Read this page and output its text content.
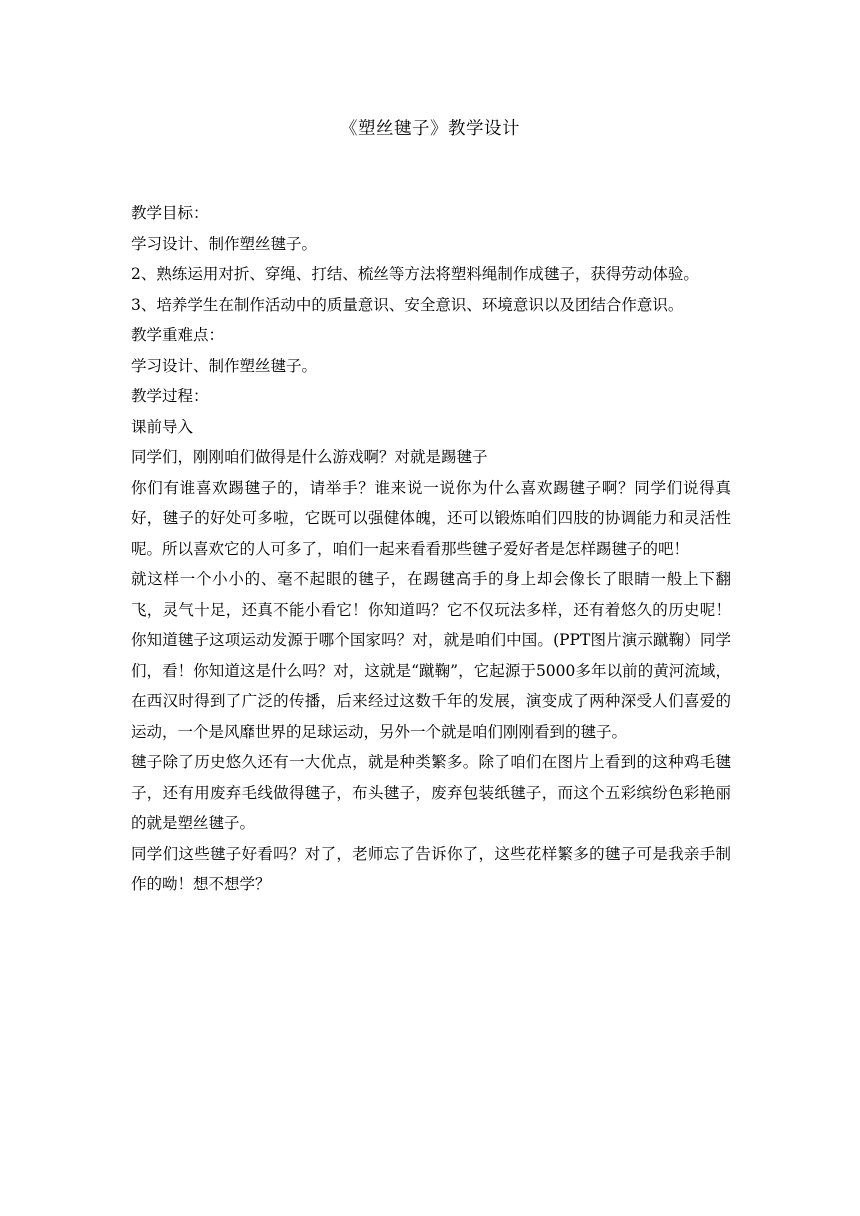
《塑丝毽子》教学设计

教学目标：

学习设计、制作塑丝毽子。

2、熟练运用对折、穿绳、打结、梳丝等方法将塑料绳制作成毽子，获得劳动体验。

3、培养学生在制作活动中的质量意识、安全意识、环境意识以及团结合作意识。

教学重难点：

学习设计、制作塑丝毽子。

教学过程：

课前导入

同学们，刚刚咱们做得是什么游戏啊？对就是踢毽子

你们有谁喜欢踢毽子的，请举手？谁来说一说你为什么喜欢踢毽子啊？同学们说得真好，毽子的好处可多啦，它既可以强健体魄，还可以锻炼咱们四肢的协调能力和灵活性呢。所以喜欢它的人可多了，咱们一起来看看那些毽子爱好者是怎样踢毽子的吧！

就这样一个小小的、毫不起眼的毽子，在踢毽高手的身上却会像长了眼睛一般上下翻飞，灵气十足，还真不能小看它！你知道吗？它不仅玩法多样，还有着悠久的历史呢！你知道毽子这项运动发源于哪个国家吗？对，就是咱们中国。(PPT图片演示蹴鞠）同学们，看！你知道这是什么吗？对，这就是“蹴鞠”，它起源于5000多年以前的黄河流域，在西汉时得到了广泛的传播，后来经过这数千年的发展，演变成了两种深受人们喜爱的运动，一个是风靡世界的足球运动，另外一个就是咱们刚刚看到的毽子。

毽子除了历史悠久还有一大优点，就是种类繁多。除了咱们在图片上看到的这种鸡毛毽子，还有用废弃毛线做得毽子，布头毽子，废弃包装纸毽子，而这个五彩缤纷色彩艳丽的就是塑丝毽子。

同学们这些毽子好看吗？对了，老师忘了告诉你了，这些花样繁多的毽子可是我亲手制作的呦！想不想学？
